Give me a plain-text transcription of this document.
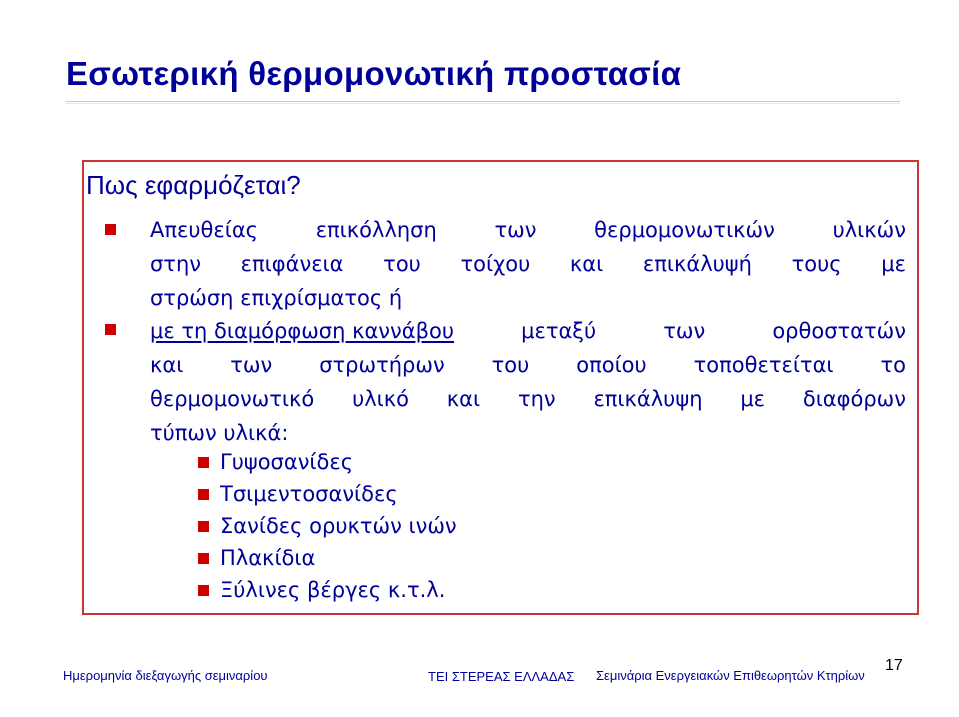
Εσωτερική θερμομονωτική προστασία
Πως εφαρμόζεται?
Απευθείας	επικόλληση	των	θερμομονωτικών	υλικών
στην επιφάνεια του τοίχου και επικάλυψή τους με
στρώση επιχρίσματος ή
με τη διαμόρφωση καννάβου	μεταξύ	των	ορθοστατών
και των στρωτήρων του οποίου τοποθετείται το
θερμομονωτικό υλικό και την επικάλυψη με διαφόρων
τύπων υλικά:
Γυψοσανίδες
Τσιμεντοσανίδες
Σανίδες ορυκτών ινών
Πλακίδια
Ξύλινες βέργες κ.τ.λ.
Ημερομηνία διεξαγωγής σεμιναρίου	ΤΕΙ ΣΤΕΡΕΑΣ ΕΛΛΑΔΑΣ Σεμινάρια Ενεργειακών Επιθεωρητών Κτηρίων
17
